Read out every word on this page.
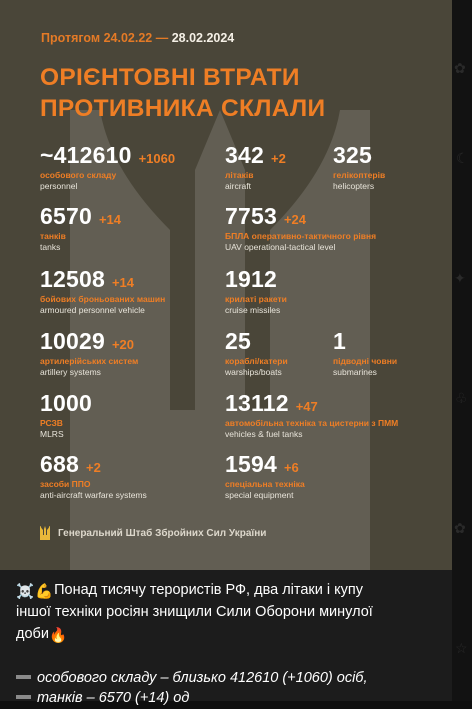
Протягом 24.02.22 — 28.02.2024
ОРІЄНТОВНІ ВТРАТИ
ПРОТИВНИКА СКЛАЛИ
~412610 +1060
особового складу
personnel
342 +2
літаків
aircraft
325
гелікоптерів
helicopters
6570 +14
танків
tanks
7753 +24
БПЛА оперативно-тактичного рівня
UAV operational-tactical level
12508 +14
бойових броньованих машин
armoured personnel vehicle
1912
крилаті ракети
cruise missiles
10029 +20
артилерійських систем
artillery systems
25
кораблі/катери
warships/boats
1
підводні човни
submarines
1000
РСЗВ
MLRS
13112 +47
автомобільна техніка та цистерни з ПММ
vehicles & fuel tanks
688 +2
засоби ППО
anti-aircraft warfare systems
1594 +6
спеціальна техніка
special equipment
Генеральний Штаб Збройних Сил України
✿
☾
✦
♧
✿
☆
☠️💪Понад тисячу терористів РФ, два літаки і купу
іншої техніки росіян знищили Сили Оборони минулої
доби🔥
особового складу – близько 412610 (+1060) осіб,
танків – 6570 (+14) од
